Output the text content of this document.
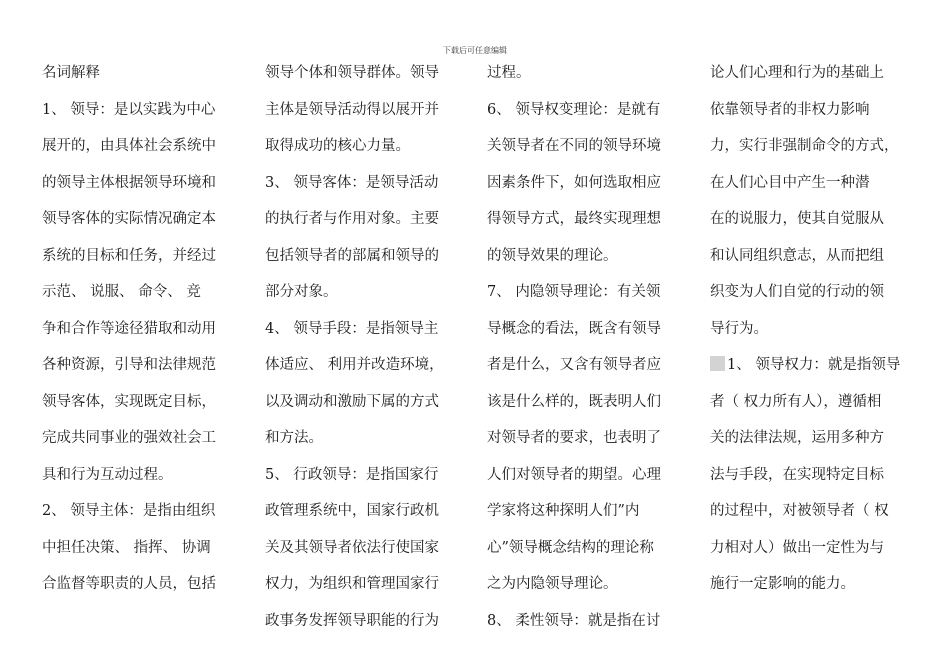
下载后可任意编辑
名词解释
1、 领导：是以实践为中心
展开的，由具体社会系统中
的领导主体根据领导环境和
领导客体的实际情况确定本
系统的目标和任务，并经过
示范、 说服、 命令、 竞
争和合作等途径猎取和动用
各种资源，引导和法律规范
领导客体，实现既定目标，
完成共同事业的强效社会工
具和行为互动过程。
2、 领导主体：是指由组织
中担任决策、 指挥、 协调
合监督等职责的人员，包括
领导个体和领导群体。领导
主体是领导活动得以展开并
取得成功的核心力量。
3、 领导客体：是领导活动
的执行者与作用对象。主要
包括领导者的部属和领导的
部分对象。
4、 领导手段：是指领导主
体适应、 利用并改造环境，
以及调动和激励下属的方式
和方法。
5、 行政领导：是指国家行
政管理系统中，国家行政机
关及其领导者依法行使国家
权力，为组织和管理国家行
政事务发挥领导职能的行为
过程。
6、 领导权变理论：是就有
关领导者在不同的领导环境
因素条件下，如何选取相应
得领导方式，最终实现理想
的领导效果的理论。
7、 内隐领导理论：有关领
导概念的看法，既含有领导
者是什么，又含有领导者应
该是什么样的，既表明人们
对领导者的要求，也表明了
人们对领导者的期望。心理
学家将这种探明人们”内
心”领导概念结构的理论称
之为内隐领导理论。
8、 柔性领导：就是指在讨
论人们心理和行为的基础上
依靠领导者的非权力影响
力，实行非强制命令的方式，
在人们心目中产生一种潜
在的说服力，使其自觉服从
和认同组织意志，从而把组
织变为人们自觉的行动的领
导行为。
1、 领导权力：就是指领导
者（ 权力所有人），遵循相
关的法律法规，运用多种方
法与手段，在实现特定目标
的过程中，对被领导者（ 权
力相对人）做出一定性为与
施行一定影响的能力。
